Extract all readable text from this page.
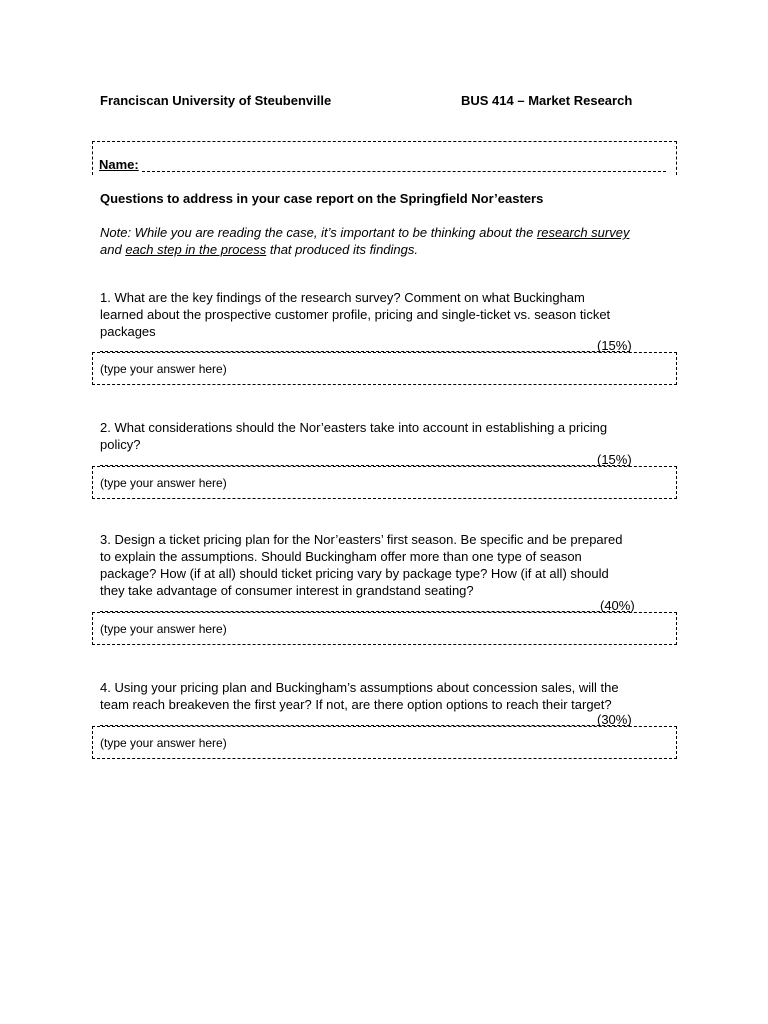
Franciscan University of Steubenville	BUS 414 – Market Research
Name:
Questions to address in your case report on the Springfield Nor’easters
Note: While you are reading the case, it’s important to be thinking about the research survey
and each step in the process that produced its findings.
1. What are the key findings of the research survey? Comment on what Buckingham
learned about the prospective customer profile, pricing and single-ticket vs. season ticket
packages
(15%)
(type your answer here)
2. What considerations should the Nor’easters take into account in establishing a pricing
policy?
(15%)
(type your answer here)
3. Design a ticket pricing plan for the Nor’easters’ first season. Be specific and be prepared
to explain the assumptions. Should Buckingham offer more than one type of season
package? How (if at all) should ticket pricing vary by package type? How (if at all) should
they take advantage of consumer interest in grandstand seating?
(40%)
(type your answer here)
4. Using your pricing plan and Buckingham’s assumptions about concession sales, will the
team reach breakeven the first year? If not, are there option options to reach their target?
(30%)
(type your answer here)
